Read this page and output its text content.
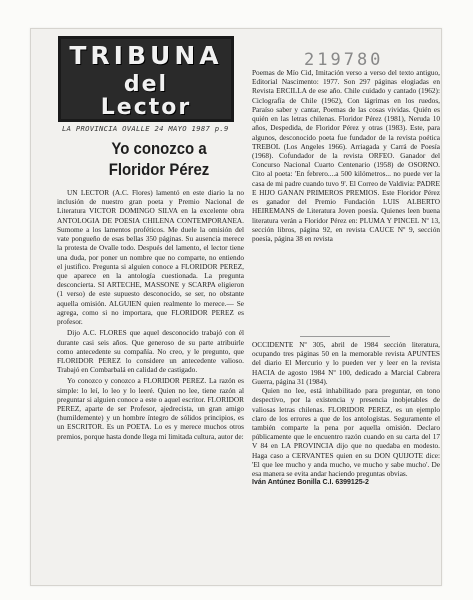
TRIBUNA
del
Lector
LA PROVINCIA OVALLE 24 MAYO 1987 p.9
219780
Yo conozco a
Floridor Pérez

UN LECTOR (A.C. Flores) lamentó en este diario la no inclusión de nuestro gran poeta y Premio Nacional de Literatura VICTOR DOMINGO SILVA en la excelente obra ANTOLOGIA DE POESIA CHILENA CONTEMPORANEA. Sumome a los lamentos proféticos. Me duele la omisión del vate pongueño de esas bellas 350 páginas. Su ausencia merece la protesta de Ovalle todo. Después del lamento, el lector tiene una duda, por poner un nombre que no comparte, no entiendo el justifico. Pregunta si alguien conoce a FLORIDOR PEREZ, que aparece en la antología cuestionada. La pregunta desconcierta. SI ARTECHE, MASSONE y SCARPA eligieron (1 verso) de este supuesto desconocido, se ser, no obstante aquella omisión. ALGUIEN quien realmente lo merece.— Se agrega, como si no importara, que FLORIDOR PEREZ es profesor.

Dijo A.C. FLORES que aquel desconocido trabajó con él durante casi seis años. Que generoso de su parte atribuirle como antecedente su compañía. No creo, y le pregunto, que FLORIDOR PEREZ lo considere un antecedente valioso. Trabajó en Combarbalá en calidad de castigado.

Yo conozco y conozco a FLORIDOR PEREZ. La razón es simple: lo leí, lo leo y lo leeré. Quien no lee, tiene razón al preguntar si alguien conoce a este o aquel escritor. FLORIDOR PEREZ, aparte de ser Profesor, ajedrecista, un gran amigo (humildemente) y un hombre íntegro de sólidos principios, es un ESCRITOR. Es un POETA. Lo es y merece muchos otros premios, porque hasta donde llega mi limitada cultura, autor de:

Poemas de Mío Cid, Imitación verso a verso del texto antiguo, Editorial Nascimento: 1977. Son 297 páginas elogiadas en Revista ERCILLA de ese año. Chile cuidado y cantado (1962): Ciclografía de Chile (1962), Con lágrimas en los ruedos, Paraíso saber y cantar, Poemas de las cosas vividas. Quién es quién en las letras chilenas. Floridor Pérez (1981), Neruda 10 años, Despedida, de Floridor Pérez y otras (1983). Este, para algunos, desconocido poeta fue fundador de la revista poética TREBOL (Los Angeles 1966). Arriagada y Carrá de Poesía (1968). Cofundador de la revista ORFEO. Ganador del Concurso Nacional Cuarto Centenario (1958) de OSORNO. Cito al poeta: 'En febrero....a 500 kilómetros... no puede ver la casa de mi padre cuando tuvo 9'. El Correo de Valdivia: PADRE E HIJO GANAN PRIMEROS PREMIOS. Este Floridor Pérez es ganador del Premio Fundación LUIS ALBERTO HEIREMANS de Literatura Joven poesía. Quienes leen buena literatura verán a Floridor Pérez en: PLUMA Y PINCEL Nº 13, sección libros, página 92, en revista CAUCE Nº 9, sección poesía, página 38 en revista

OCCIDENTE Nº 305, abril de 1984 sección literatura, ocupando tres páginas 50 en la memorable revista APUNTES del diario El Mercurio y lo pueden ver y leer en la revista HACIA de agosto 1984 Nº 100, dedicado a Marcial Cabrera Guerra, página 31 (1984).

Quien no lee, está inhabilitado para preguntar, en tono despectivo, por la existencia y presencia inobjetables de valiosas letras chilenas. FLORIDOR PEREZ, es un ejemplo claro de los errores a que de los antologistas. Seguramente el también comparte la pena por aquella omisión. Declaro públicamente que le encuentro razón cuando en su carta del 17 V 84 en LA PROVINCIA dijo que no quedaba en modesto. Haga caso a CERVANTES quien en su DON QUIJOTE dice: 'El que lee mucho y anda mucho, ve mucho y sabe mucho'. De esa manera se evita andar haciendo preguntas obvias.

Iván Antúnez Bonilla C.I. 6399125-2
